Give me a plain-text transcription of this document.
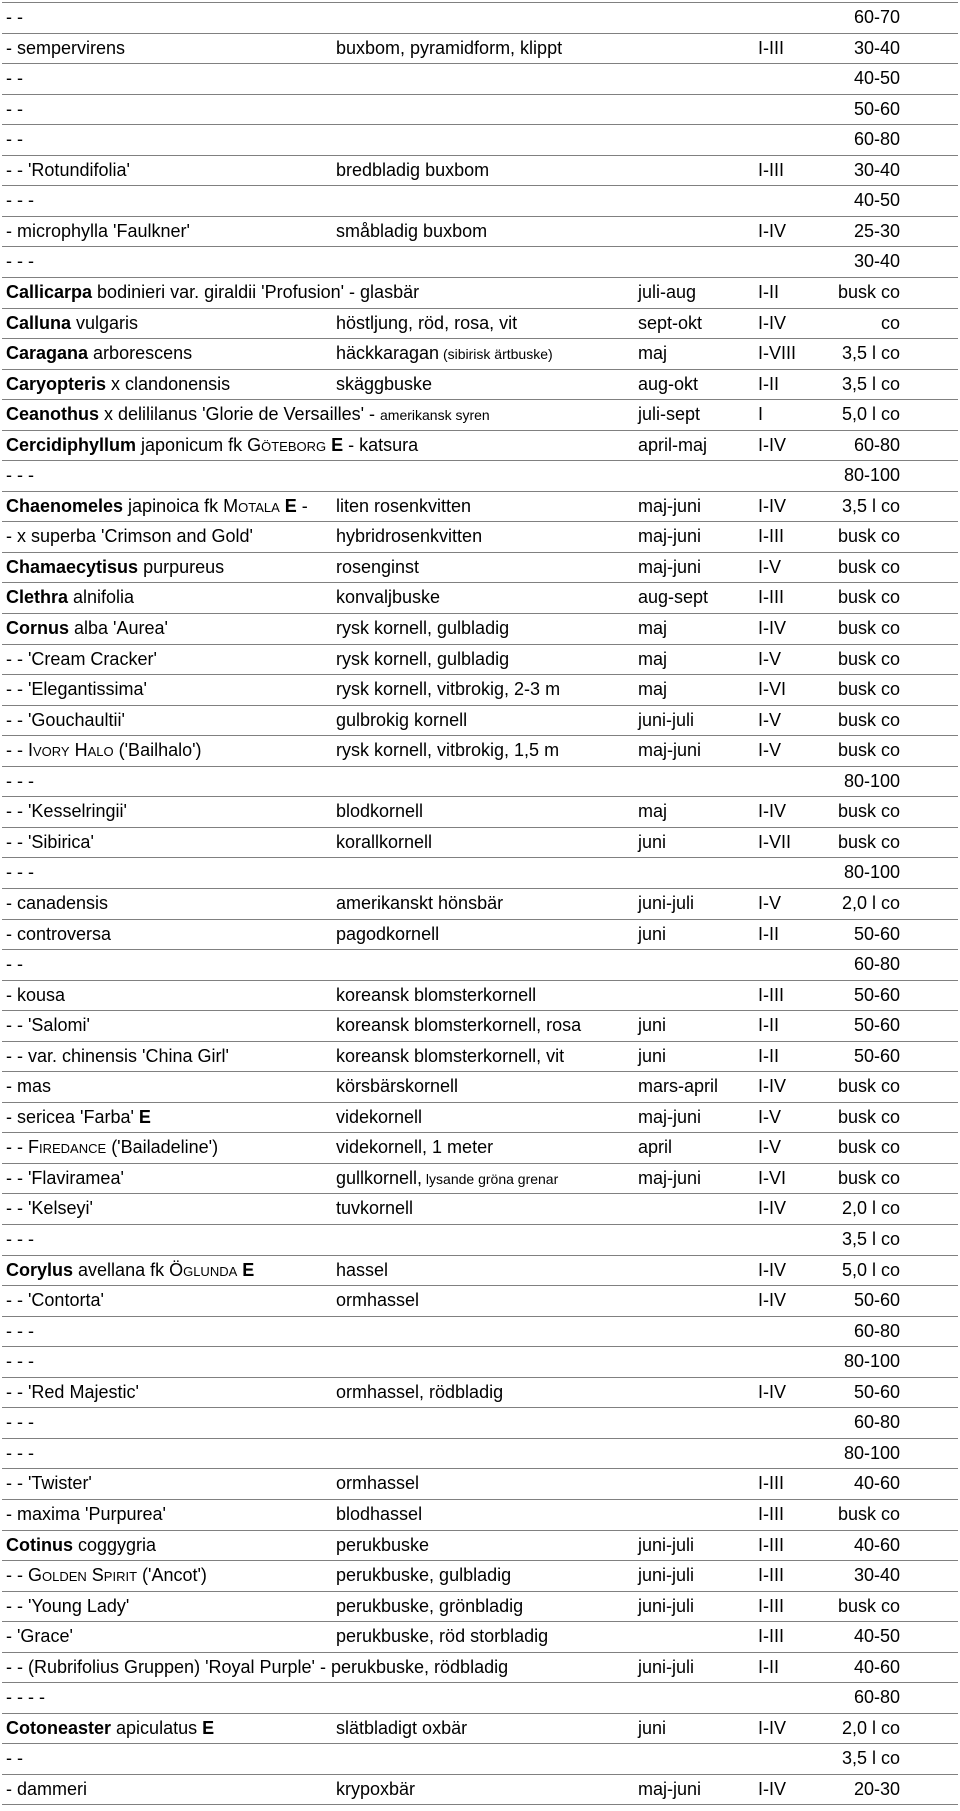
- -	60-70
- sempervirens	buxbom, pyramidform, klippt	I-III	30-40
- -	40-50
- -	50-60
- -	60-80
- - 'Rotundifolia'	bredbladig buxbom	I-III	30-40
- - -	40-50
- microphylla 'Faulkner'	småbladig buxbom	I-IV	25-30
- - -	30-40
Callicarpa bodinieri var. giraldii 'Profusion' - glasbär	juli-aug	I-II	busk co
Calluna vulgaris	höstljung, röd, rosa, vit	sept-okt	I-IV	co
Caragana arborescens	häckkaragan (sibirisk ärtbuske)	maj	I-VIII	3,5 l co
Caryopteris x clandonensis	skäggbuske	aug-okt	I-II	3,5 l co
Ceanothus x delililanus 'Glorie de Versailles' - amerikansk syren	juli-sept	I	5,0 l co
Cercidiphyllum japonicum fk Göteborg E - katsura	april-maj	I-IV	60-80
- - -	80-100
Chaenomeles japinoica fk Motala E - liten rosenkvitten	maj-juni	I-IV	3,5 l co
- x superba 'Crimson and Gold'	hybridrosenkvitten	maj-juni	I-III	busk co
Chamaecytisus purpureus	rosenginst	maj-juni	I-V	busk co
Clethra alnifolia	konvaljbuske	aug-sept	I-III	busk co
Cornus alba 'Aurea'	rysk kornell, gulbladig	maj	I-IV	busk co
- - 'Cream Cracker'	rysk kornell, gulbladig	maj	I-V	busk co
- - 'Elegantissima'	rysk kornell, vitbrokig, 2-3 m	maj	I-VI	busk co
- - 'Gouchaultii'	gulbrokig kornell	juni-juli	I-V	busk co
- - Ivory Halo ('Bailhalo')	rysk kornell, vitbrokig, 1,5 m	maj-juni	I-V	busk co
- - -	80-100
- - 'Kesselringii'	blodkornell	maj	I-IV	busk co
- - 'Sibirica'	korallkornell	juni	I-VII	busk co
- - -	80-100
- canadensis	amerikanskt hönsbär	juni-juli	I-V	2,0 l co
- controversa	pagodkornell	juni	I-II	50-60
- -	60-80
- kousa	koreansk blomsterkornell	I-III	50-60
- - 'Salomi'	koreansk blomsterkornell, rosa	juni	I-II	50-60
- - var. chinensis 'China Girl'	koreansk blomsterkornell, vit	juni	I-II	50-60
- mas	körsbärskornell	mars-april I-IV	busk co
- sericea 'Farba' E	videkornell	maj-juni	I-V	busk co
- - Firedance ('Bailadeline')	videkornell, 1 meter	april	I-V	busk co
- - 'Flaviramea'	gullkornell, lysande gröna grenar	maj-juni	I-VI	busk co
- - 'Kelseyi'	tuvkornell	I-IV	2,0 l co
- - -	3,5 l co
Corylus avellana fk Öglunda E	hassel	I-IV	5,0 l co
- - 'Contorta'	ormhassel	I-IV	50-60
- - -	60-80
- - -	80-100
- - 'Red Majestic'	ormhassel, rödbladig	I-IV	50-60
- - -	60-80
- - -	80-100
- - 'Twister'	ormhassel	I-III	40-60
- maxima 'Purpurea'	blodhassel	I-III	busk co
Cotinus coggygria	perukbuske	juni-juli	I-III	40-60
- - Golden Spirit ('Ancot')	perukbuske, gulbladig	juni-juli	I-III	30-40
- - 'Young Lady'	perukbuske, grönbladig	juni-juli	I-III	busk co
- 'Grace'	perukbuske, röd storbladig	I-III	40-50
- - (Rubrifolius Gruppen) 'Royal Purple' - perukbuske, rödbladig	juni-juli	I-II	40-60
- - - -	60-80
Cotoneaster apiculatus E	slätbladigt oxbär	juni	I-IV	2,0 l co
- -	3,5 l co
- dammeri	krypoxbär	maj-juni	I-IV	20-30
